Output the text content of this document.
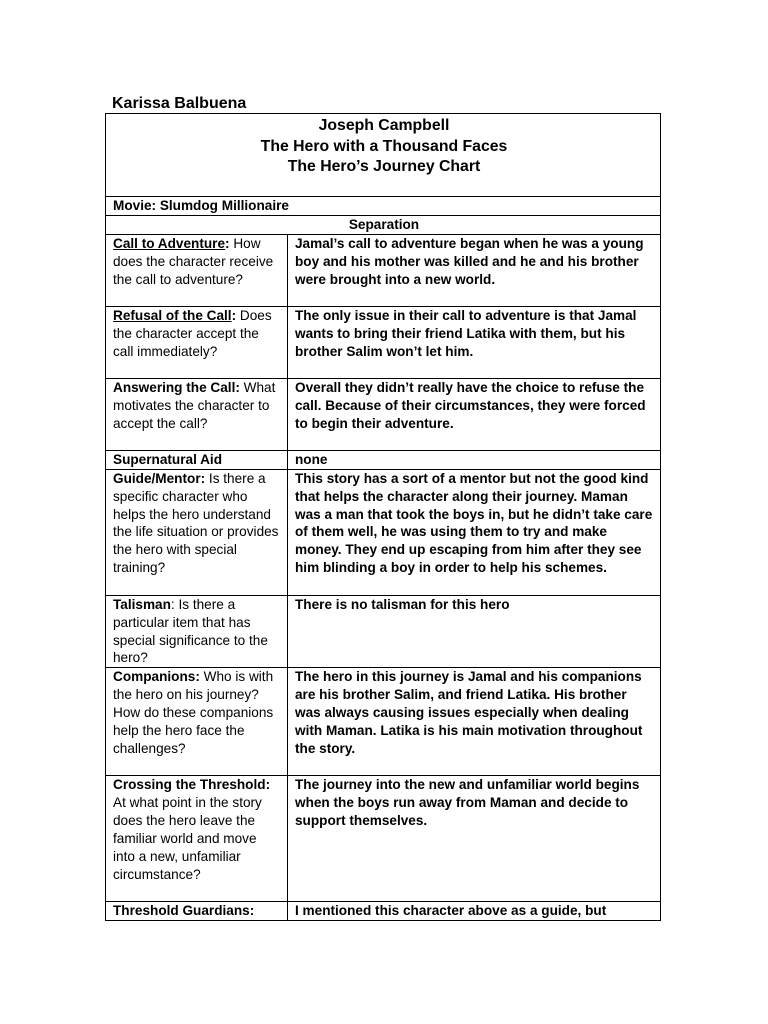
Karissa Balbuena
Joseph Campbell
The Hero with a Thousand Faces
The Hero’s Journey Chart	

Movie: Slumdog Millionaire	
Separation	
Call to Adventure: How does the character receive the call to adventure?	Jamal’s call to adventure began when he was a young boy and his mother was killed and he and his brother were brought into a new world.
Refusal of the Call: Does the character accept the call immediately?	The only issue in their call to adventure is that Jamal wants to bring their friend Latika with them, but his brother Salim won’t let him.
Answering the Call: What motivates the character to accept the call?	Overall they didn’t really have the choice to refuse the call. Because of their circumstances, they were forced to begin their adventure.
Supernatural Aid	none
Guide/Mentor: Is there a specific character who helps the hero understand the life situation or provides the hero with special training?	This story has a sort of a mentor but not the good kind that helps the character along their journey. Maman was a man that took the boys in, but he didn’t take care of them well, he was using them to try and make money. They end up escaping from him after they see him blinding a boy in order to help his schemes.
Talisman: Is there a particular item that has special significance to the hero?	There is no talisman for this hero
Companions: Who is with the hero on his journey? How do these companions help the hero face the challenges?	The hero in this journey is Jamal and his companions are his brother Salim, and friend Latika. His brother was always causing issues especially when dealing with Maman. Latika is his main motivation throughout the story.
Crossing the Threshold: At what point in the story does the hero leave the familiar world and move into a new, unfamiliar circumstance?	The journey into the new and unfamiliar world begins when the boys run away from Maman and decide to support themselves.
Threshold Guardians:	I mentioned this character above as a guide, but
